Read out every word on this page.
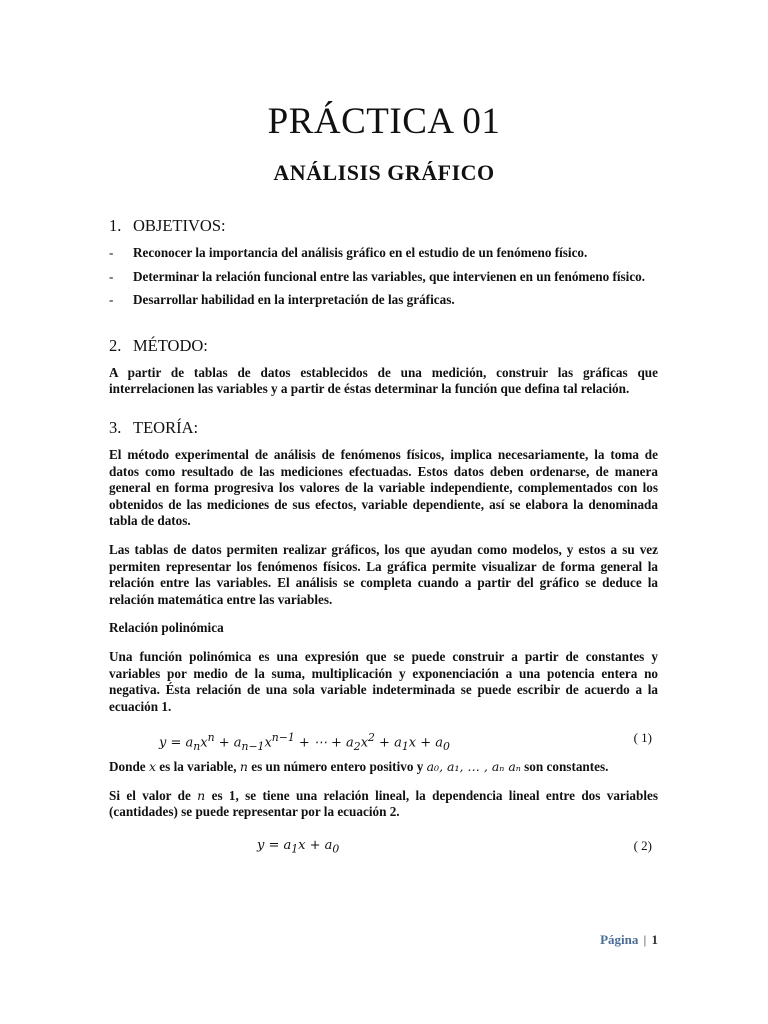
PRÁCTICA 01
ANÁLISIS GRÁFICO
1. OBJETIVOS:
- Reconocer la importancia del análisis gráfico en el estudio de un fenómeno físico.
- Determinar la relación funcional entre las variables, que intervienen en un fenómeno físico.
- Desarrollar habilidad en la interpretación de las gráficas.
2. MÉTODO:

A partir de tablas de datos establecidos de una medición, construir las gráficas que interrelacionen las variables y a partir de éstas determinar la función que defina tal relación.

3. TEORÍA:

El método experimental de análisis de fenómenos físicos, implica necesariamente, la toma de datos como resultado de las mediciones efectuadas. Estos datos deben ordenarse, de manera general en forma progresiva los valores de la variable independiente, complementados con los obtenidos de las mediciones de sus efectos, variable dependiente, así se elabora la denominada tabla de datos.

Las tablas de datos permiten realizar gráficos, los que ayudan como modelos, y estos a su vez permiten representar los fenómenos físicos. La gráfica permite visualizar de forma general la relación entre las variables. El análisis se completa cuando a partir del gráfico se deduce la relación matemática entre las variables.

Relación polinómica

Una función polinómica es una expresión que se puede construir a partir de constantes y variables por medio de la suma, multiplicación y exponenciación a una potencia entera no negativa. Ésta relación de una sola variable indeterminada se puede escribir de acuerdo a la ecuación 1.

$y = a_nx^n + a_{n-1}x^{n-1}$ + ⋯ + $a_2x^2 + a_1x + a_0$
( 1)

Donde x es la variable, n es un número entero positivo y a₀, a₁, … , aₙ aₙ son constantes.

Si el valor de n es 1, se tiene una relación lineal, la dependencia lineal entre dos variables (cantidades) se puede representar por la ecuación 2.

$y = a_1x + a_0$	( 2)
Página | 1
